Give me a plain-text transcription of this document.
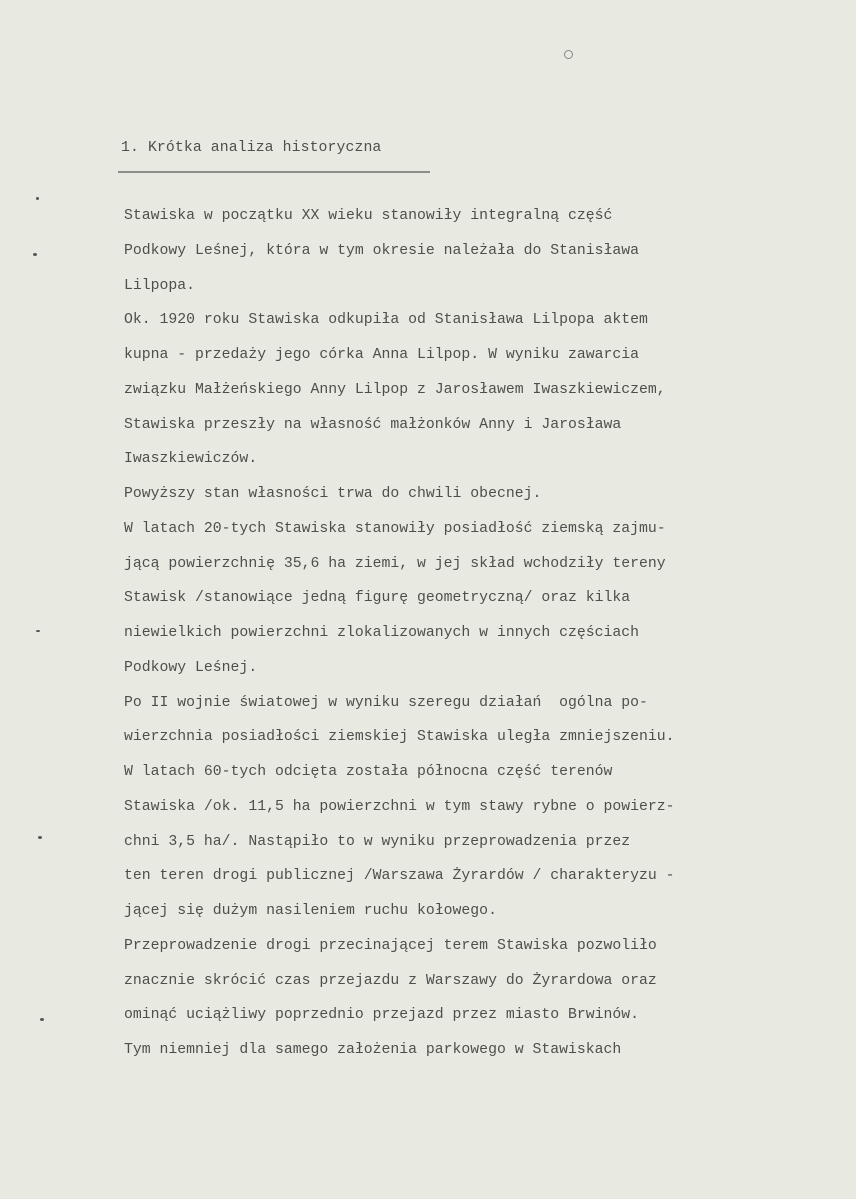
1. Krótka analiza historyczna
Stawiska w początku XX wieku stanowiły integralną część
Podkowy Leśnej, która w tym okresie należała do Stanisława
Lilpopa.
Ok. 1920 roku Stawiska odkupiła od Stanisława Lilpopa aktem
kupna - przedaży jego córka Anna Lilpop. W wyniku zawarcia
związku Małżeńskiego Anny Lilpop z Jarosławem Iwaszkiewiczem,
Stawiska przeszły na własność małżonków Anny i Jarosława
Iwaszkiewiczów.
Powyższy stan własności trwa do chwili obecnej.
W latach 20-tych Stawiska stanowiły posiadłość ziemską zajmu-
jącą powierzchnię 35,6 ha ziemi, w jej skład wchodziły tereny
Stawisk /stanowiące jedną figurę geometryczną/ oraz kilka
niewielkich powierzchni zlokalizowanych w innych częściach
Podkowy Leśnej.
Po II wojnie światowej w wyniku szeregu działań  ogólna po-
wierzchnia posiadłości ziemskiej Stawiska uległa zmniejszeniu.
W latach 60-tych odcięta została północna część terenów
Stawiska /ok. 11,5 ha powierzchni w tym stawy rybne o powierz-
chni 3,5 ha/. Nastąpiło to w wyniku przeprowadzenia przez
ten teren drogi publicznej /Warszawa Żyrardów / charakteryzu -
jącej się dużym nasileniem ruchu kołowego.
Przeprowadzenie drogi przecinającej terem Stawiska pozwoliło
znacznie skrócić czas przejazdu z Warszawy do Żyrardowa oraz
ominąć uciążliwy poprzednio przejazd przez miasto Brwinów.
Tym niemniej dla samego założenia parkowego w Stawiskach
